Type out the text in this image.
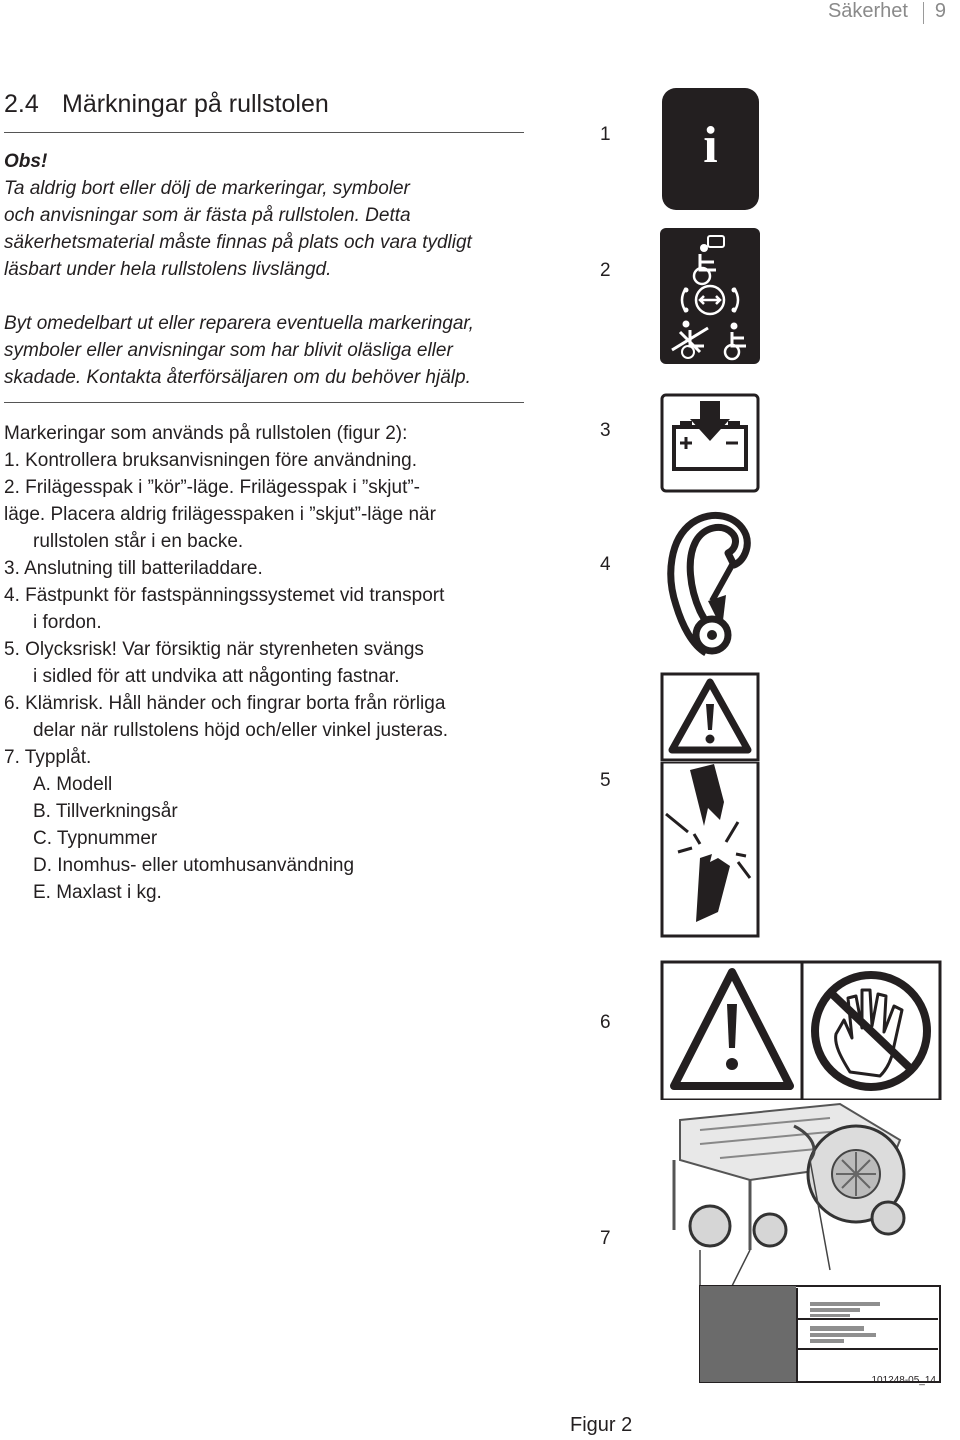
Säkerhet 9
2.4 Märkningar på rullstolen

Obs!
Ta aldrig bort eller dölj de markeringar, symboler
och anvisningar som är fästa på rullstolen. Detta
säkerhetsmaterial måste finnas på plats och vara tydligt
läsbart under hela rullstolens livslängd.

Byt omedelbart ut eller reparera eventuella markeringar,
symboler eller anvisningar som har blivit oläsliga eller
skadade. Kontakta återförsäljaren om du behöver hjälp.

Markeringar som används på rullstolen (figur 2):
1. Kontrollera bruksanvisningen före användning.
2. Frilägesspak i ”kör”-läge. Frilägesspak i ”skjut”-
läge. Placera aldrig frilägesspaken i ”skjut”-läge när
rullstolen står i en backe.
3. Anslutning till batteriladdare.
4. Fästpunkt för fastspänningssystemet vid transport
i fordon.
5. Olycksrisk! Var försiktig när styrenheten svängs
i sidled för att undvika att någonting fastnar.
6. Klämrisk. Håll händer och fingrar borta från rörliga
delar när rullstolens höjd och/eller vinkel justeras.
7. Typplåt.
A. Modell
B. Tillverkningsår
C. Typnummer
D. Inomhus- eller utomhusanvändning
E. Maxlast i kg.
1
2
3
4
5
6
7
i
101248-05_14
Figur 2
